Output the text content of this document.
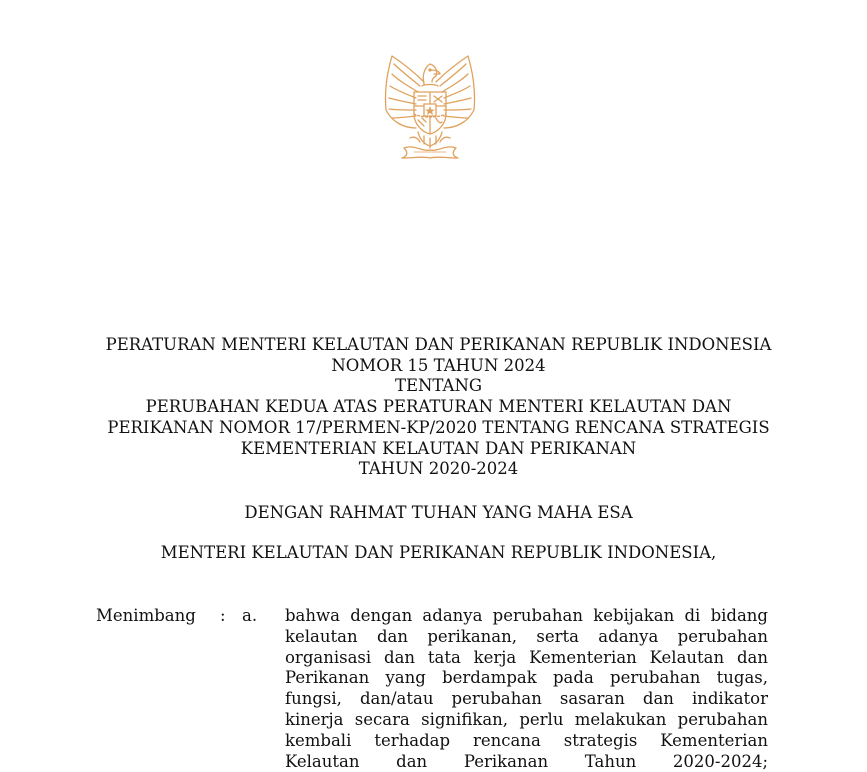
PERATURAN MENTERI KELAUTAN DAN PERIKANAN REPUBLIK INDONESIA
NOMOR 15 TAHUN 2024
TENTANG
PERUBAHAN KEDUA ATAS PERATURAN MENTERI KELAUTAN DAN
PERIKANAN NOMOR 17/PERMEN-KP/2020 TENTANG RENCANA STRATEGIS
KEMENTERIAN KELAUTAN DAN PERIKANAN
TAHUN 2020-2024
DENGAN RAHMAT TUHAN YANG MAHA ESA
MENTERI KELAUTAN DAN PERIKANAN REPUBLIK INDONESIA,
Menimbang : a. bahwa dengan adanya perubahan kebijakan di bidang
kelautan dan perikanan, serta adanya perubahan
organisasi dan tata kerja Kementerian Kelautan dan
Perikanan yang berdampak pada perubahan tugas,
fungsi, dan/atau perubahan sasaran dan indikator
kinerja secara signifikan, perlu melakukan perubahan
kembali terhadap rencana strategis Kementerian
Kelautan dan Perikanan Tahun 2020-2024;
